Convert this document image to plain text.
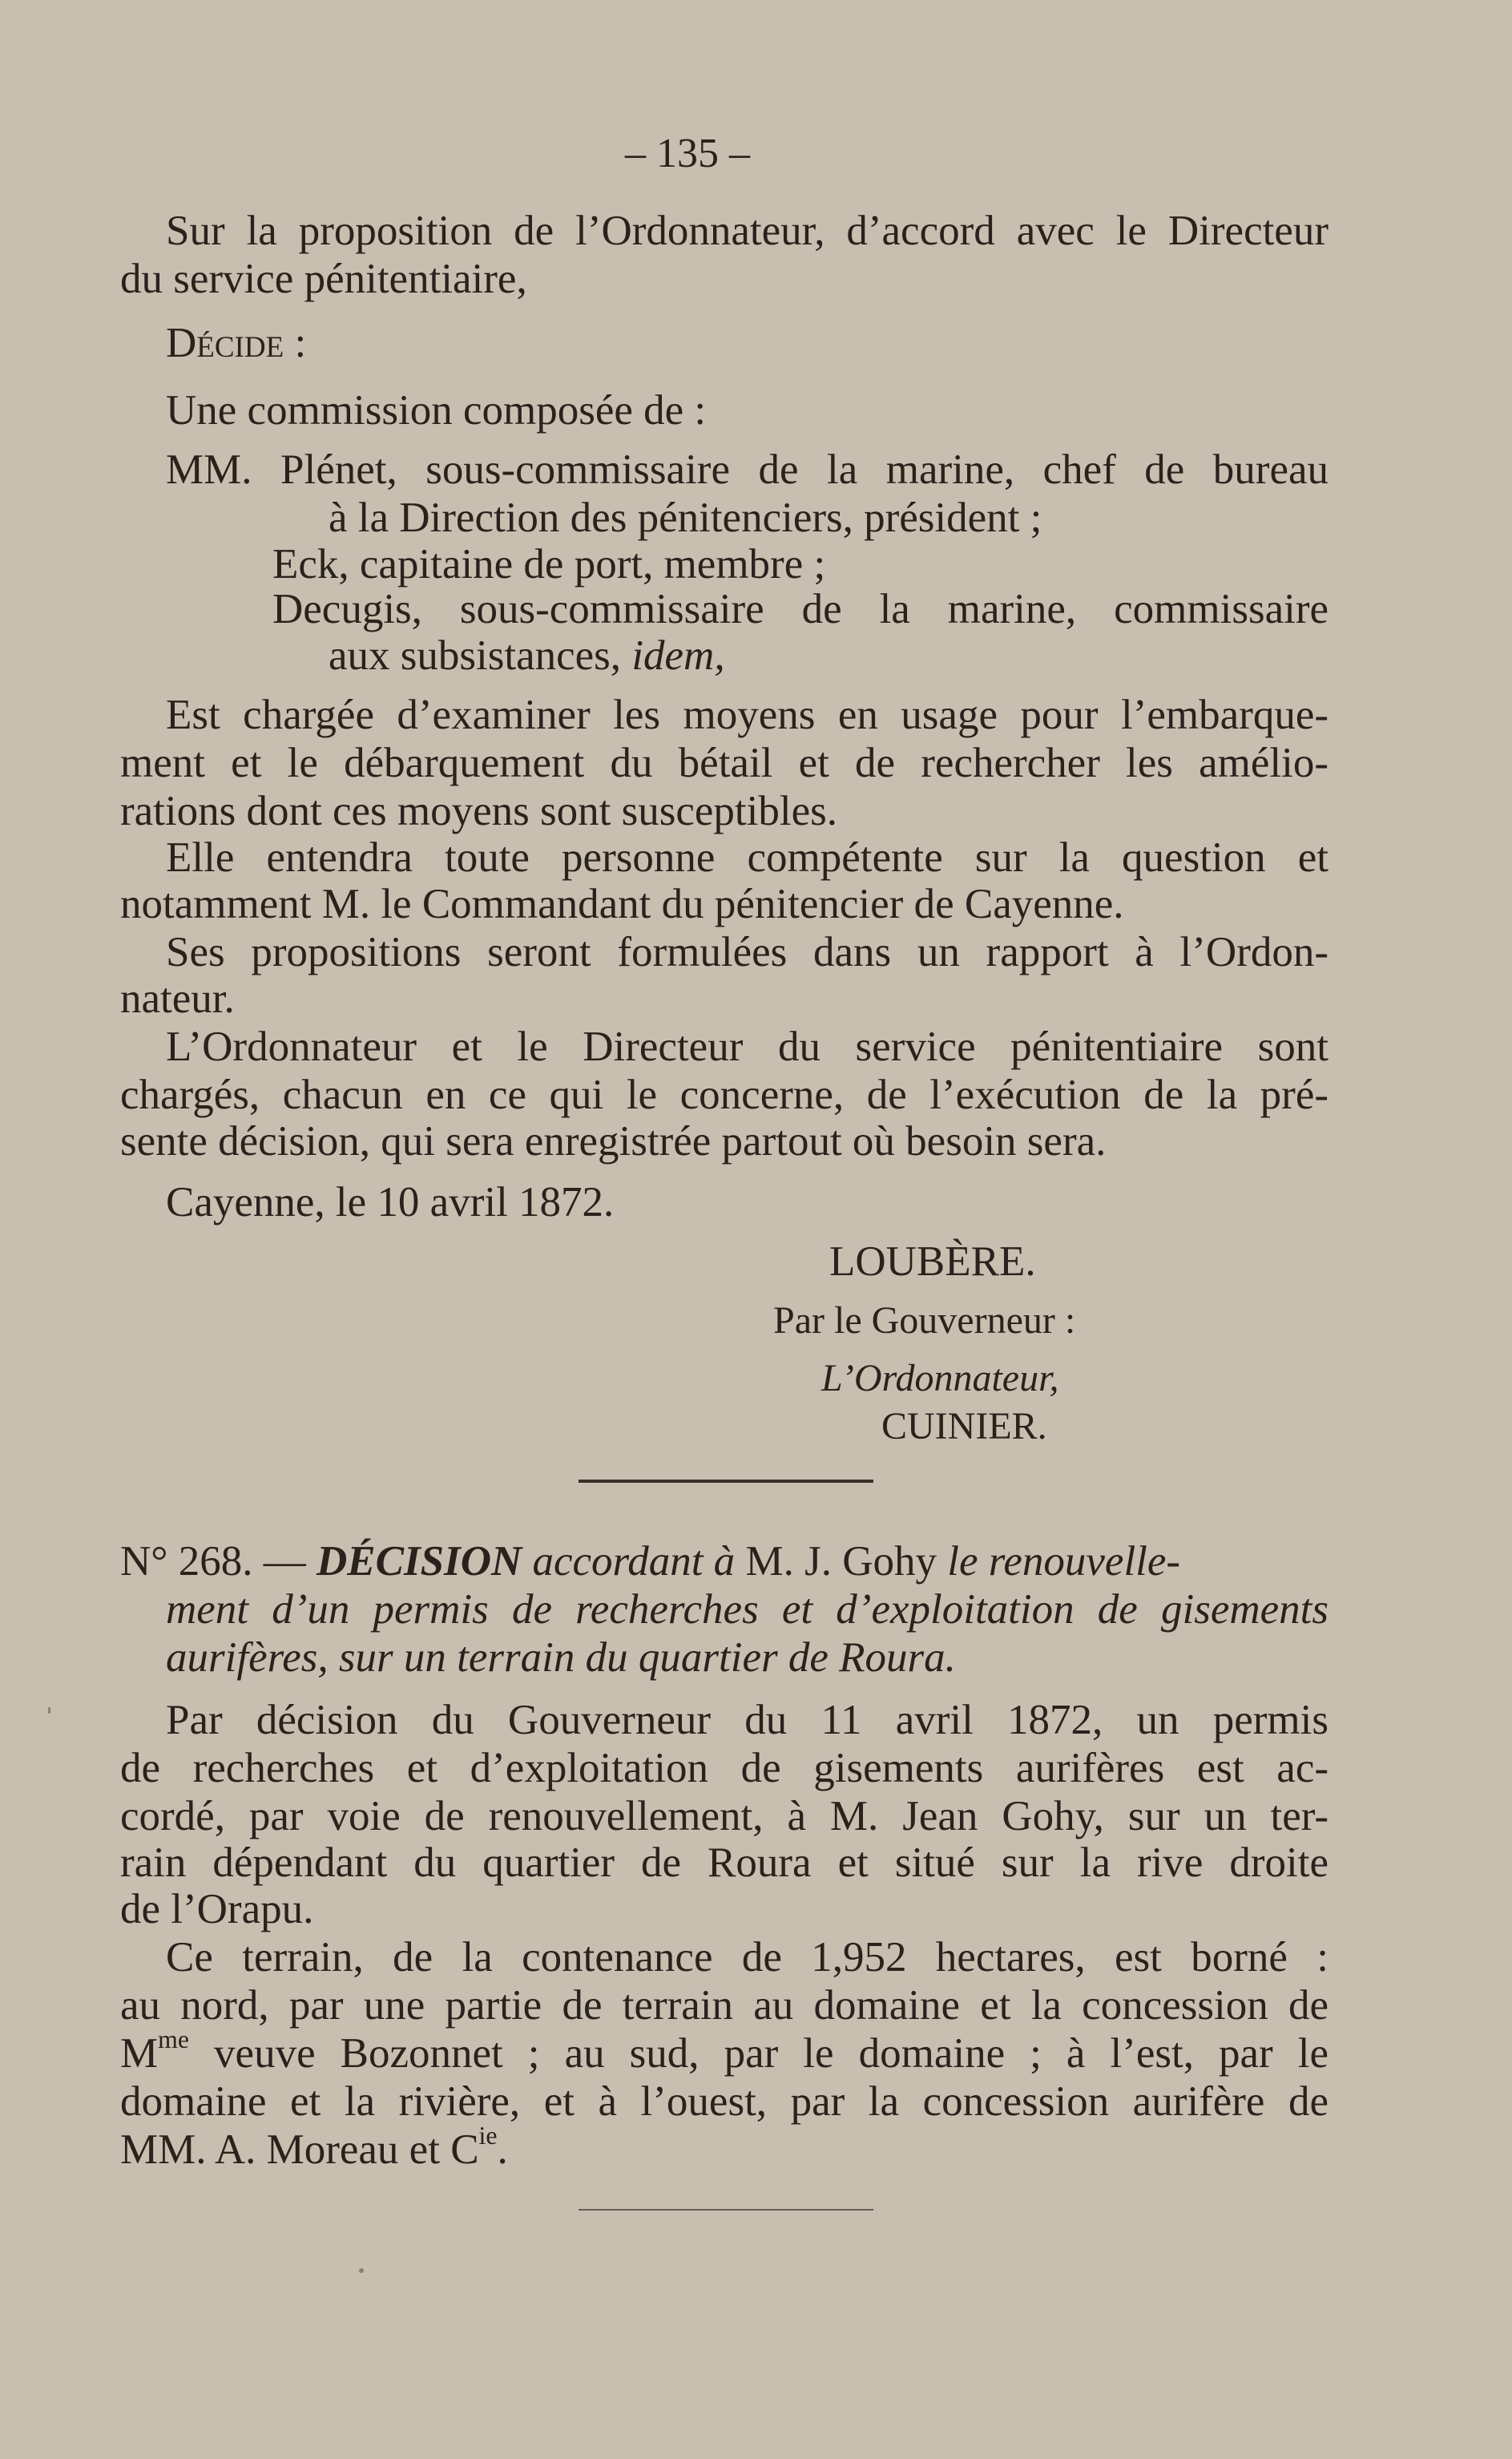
– 135 –
Sur la proposition de l’Ordonnateur, d’accord avec le Directeur
du service pénitentiaire,
Décide :
Une commission composée de :
MM. Plénet, sous-commissaire de la marine, chef de bureau
à la Direction des pénitenciers, président ;
Eck, capitaine de port, membre ;
Decugis, sous-commissaire de la marine, commissaire
aux subsistances, idem,
Est chargée d’examiner les moyens en usage pour l’embarque-
ment et le débarquement du bétail et de rechercher les amélio-
rations dont ces moyens sont susceptibles.
Elle entendra toute personne compétente sur la question et
notamment M. le Commandant du pénitencier de Cayenne.
Ses propositions seront formulées dans un rapport à l’Ordon-
nateur.
L’Ordonnateur et le Directeur du service pénitentiaire sont
chargés, chacun en ce qui le concerne, de l’exécution de la pré-
sente décision, qui sera enregistrée partout où besoin sera.
Cayenne, le 10 avril 1872.
LOUBÈRE.
Par le Gouverneur :
L’Ordonnateur,
CUINIER.
N° 268. — DÉCISION accordant à M. J. Gohy le renouvelle-
ment d’un permis de recherches et d’exploitation de gisements
aurifères, sur un terrain du quartier de Roura.
Par décision du Gouverneur du 11 avril 1872, un permis
de recherches et d’exploitation de gisements aurifères est ac-
cordé, par voie de renouvellement, à M. Jean Gohy, sur un ter-
rain dépendant du quartier de Roura et situé sur la rive droite
de l’Orapu.
Ce terrain, de la contenance de 1,952 hectares, est borné :
au nord, par une partie de terrain au domaine et la concession de
$M^{me}$ veuve Bozonnet ; au sud, par le domaine ; à l’est, par le
domaine et la rivière, et à l’ouest, par la concession aurifère de
MM. A. Moreau et $C^{ie}$.
